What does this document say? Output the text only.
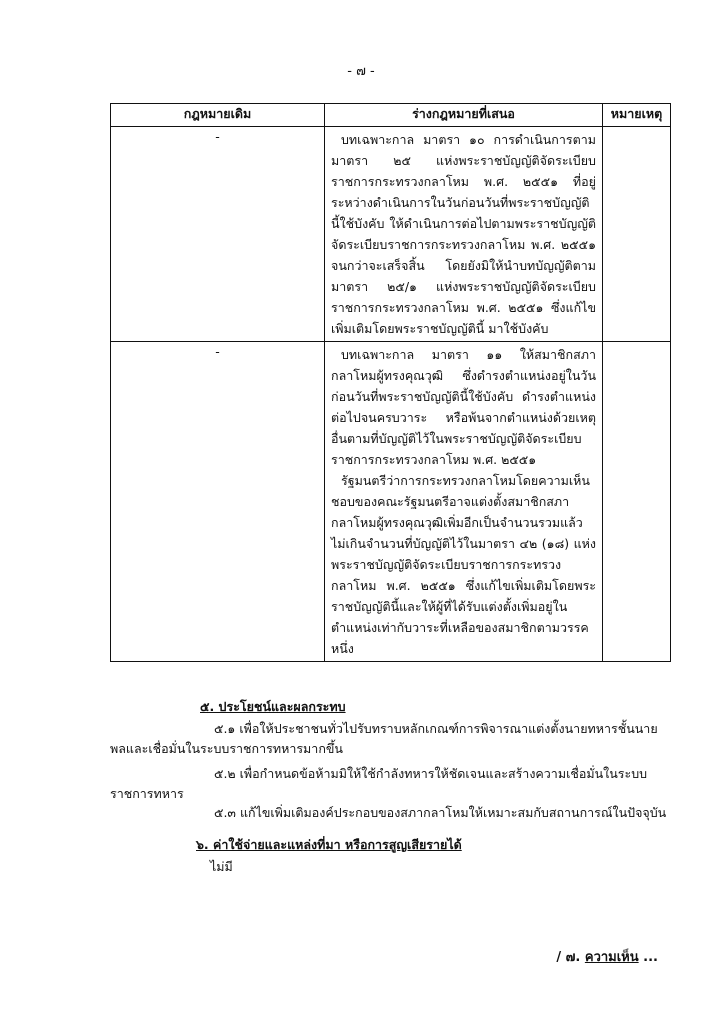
- ๗ -
กฎหมายเดิม	ร่างกฎหมายที่เสนอ	หมายเหตุ
-	บทเฉพาะกาล มาตรา ๑๐ การดำเนินการตามมาตรา ๒๕ แห่งพระราชบัญญัติจัดระเบียบราชการกระทรวงกลาโหม พ.ศ. ๒๕๕๑ ที่อยู่ระหว่างดำเนินการในวันก่อนวันที่พระราชบัญญัตินี้ใช้บังคับ ให้ดำเนินการต่อไปตามพระราชบัญญัติจัดระเบียบราชการกระทรวงกลาโหม พ.ศ. ๒๕๕๑ จนกว่าจะเสร็จสิ้น โดยยังมิให้นำบทบัญญัติตามมาตรา ๒๕/๑ แห่งพระราชบัญญัติจัดระเบียบราชการกระทรวงกลาโหม พ.ศ. ๒๕๕๑ ซึ่งแก้ไขเพิ่มเติมโดยพระราชบัญญัตินี้ มาใช้บังคับ	

-	บทเฉพาะกาล มาตรา ๑๑ ให้สมาชิกสภากลาโหมผู้ทรงคุณวุฒิ ซึ่งดำรงตำแหน่งอยู่ในวันก่อนวันที่พระราชบัญญัตินี้ใช้บังคับ ดำรงตำแหน่งต่อไปจนครบวาระ หรือพ้นจากตำแหน่งด้วยเหตุอื่นตามที่บัญญัติไว้ในพระราชบัญญัติจัดระเบียบราชการกระทรวงกลาโหม พ.ศ. ๒๕๕๑

รัฐมนตรีว่าการกระทรวงกลาโหมโดยความเห็นชอบของคณะรัฐมนตรีอาจแต่งตั้งสมาชิกสภากลาโหมผู้ทรงคุณวุฒิเพิ่มอีกเป็นจำนวนรวมแล้วไม่เกินจำนวนที่บัญญัติไว้ในมาตรา ๔๒ (๑๘) แห่งพระราชบัญญัติจัดระเบียบราชการกระทรวงกลาโหม พ.ศ. ๒๕๕๑ ซึ่งแก้ไขเพิ่มเติมโดยพระราชบัญญัตินี้และให้ผู้ที่ได้รับแต่งตั้งเพิ่มอยู่ในตำแหน่งเท่ากับวาระที่เหลือของสมาชิกตามวรรคหนึ่ง	

๕. ประโยชน์และผลกระทบ
๕.๑ เพื่อให้ประชาชนทั่วไปรับทราบหลักเกณฑ์การพิจารณาแต่งตั้งนายทหารชั้นนายพลและเชื่อมั่นในระบบราชการทหารมากขึ้น
๕.๒ เพื่อกำหนดข้อห้ามมิให้ใช้กำลังทหารให้ชัดเจนและสร้างความเชื่อมั่นในระบบราชการทหาร
๕.๓ แก้ไขเพิ่มเติมองค์ประกอบของสภากลาโหมให้เหมาะสมกับสถานการณ์ในปัจจุบัน
๖. ค่าใช้จ่ายและแหล่งที่มา หรือการสูญเสียรายได้
ไม่มี
/ ๗. ความเห็น ...
